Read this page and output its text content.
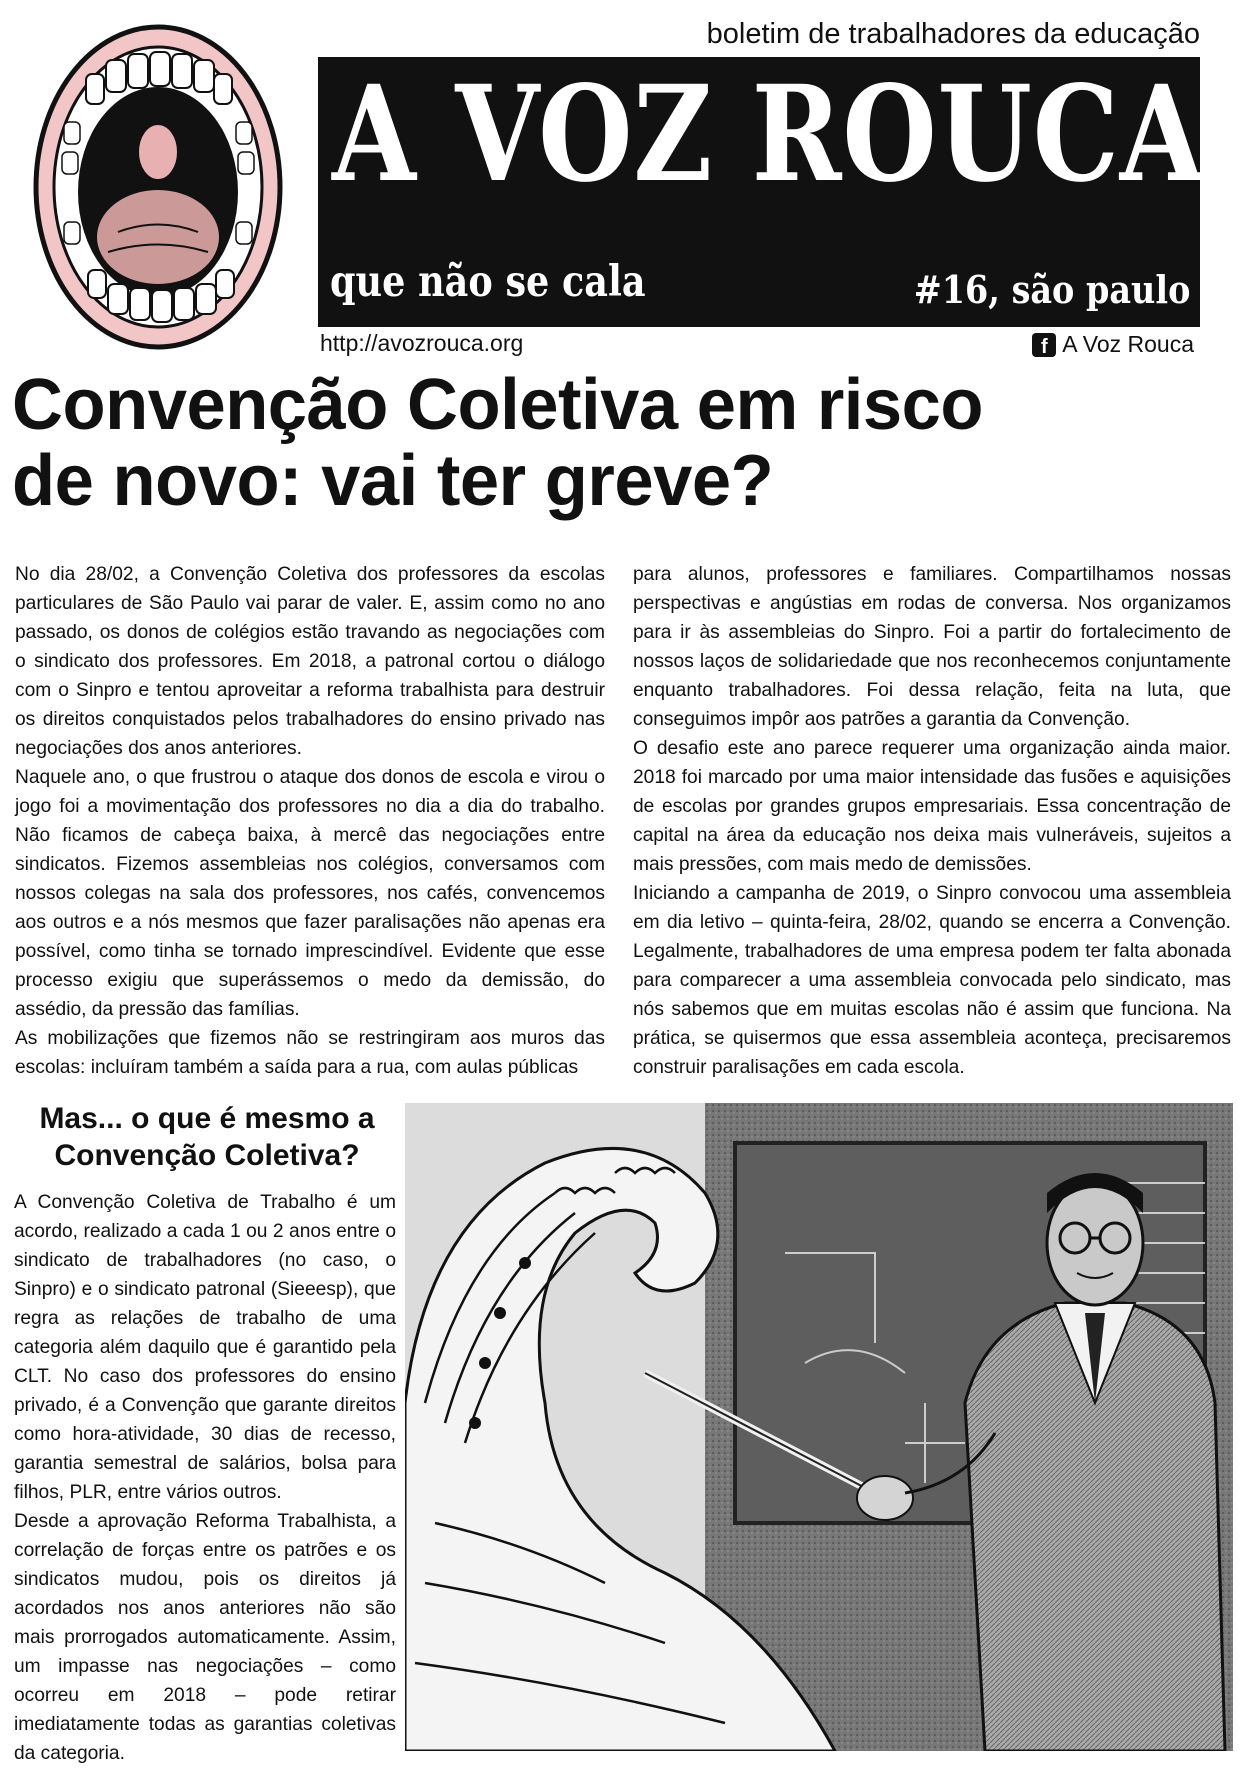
boletim de trabalhadores da educação
A VOZ ROUCA
que não se cala	#16, são paulo
http://avozrouca.org	f A Voz Rouca
Convenção Coletiva em risco
de novo: vai ter greve?

No dia 28/02, a Convenção Coletiva dos professores da escolas particulares de São Paulo vai parar de valer. E, assim como no ano passado, os donos de colégios estão travando as negociações com o sindicato dos professores. Em 2018, a patronal cortou o diálogo com o Sinpro e tentou aproveitar a reforma trabalhista para destruir os direitos conquistados pelos trabalhadores do ensino privado nas negociações dos anos anteriores.

Naquele ano, o que frustrou o ataque dos donos de escola e virou o jogo foi a movimentação dos professores no dia a dia do trabalho. Não ficamos de cabeça baixa, à mercê das negociações entre sindicatos. Fizemos assembleias nos colégios, conversamos com nossos colegas na sala dos professores, nos cafés, convencemos aos outros e a nós mesmos que fazer paralisações não apenas era possível, como tinha se tornado imprescindível. Evidente que esse processo exigiu que superássemos o medo da demissão, do assédio, da pressão das famílias.

As mobilizações que fizemos não se restringiram aos muros das escolas: incluíram também a saída para a rua, com aulas públicas

para alunos, professores e familiares. Compartilhamos nossas perspectivas e angústias em rodas de conversa. Nos organizamos para ir às assembleias do Sinpro. Foi a partir do fortalecimento de nossos laços de solidariedade que nos reconhecemos conjuntamente enquanto trabalhadores. Foi dessa relação, feita na luta, que conseguimos impôr aos patrões a garantia da Convenção.

O desafio este ano parece requerer uma organização ainda maior. 2018 foi marcado por uma maior intensidade das fusões e aquisições de escolas por grandes grupos empresariais. Essa concentração de capital na área da educação nos deixa mais vulneráveis, sujeitos a mais pressões, com mais medo de demissões.

Iniciando a campanha de 2019, o Sinpro convocou uma assembleia em dia letivo – quinta-feira, 28/02, quando se encerra a Convenção. Legalmente, trabalhadores de uma empresa podem ter falta abonada para comparecer a uma assembleia convocada pelo sindicato, mas nós sabemos que em muitas escolas não é assim que funciona. Na prática, se quisermos que essa assembleia aconteça, precisaremos construir paralisações em cada escola.

Mas... o que é mesmo a
Convenção Coletiva?

A Convenção Coletiva de Trabalho é um acordo, realizado a cada 1 ou 2 anos entre o sindicato de trabalhadores (no caso, o Sinpro) e o sindicato patronal (Sieeesp), que regra as relações de trabalho de uma categoria além daquilo que é garantido pela CLT. No caso dos professores do ensino privado, é a Convenção que garante direitos como hora-atividade, 30 dias de recesso, garantia semestral de salários, bolsa para filhos, PLR, entre vários outros.

Desde a aprovação Reforma Trabalhista, a correlação de forças entre os patrões e os sindicatos mudou, pois os direitos já acordados nos anos anteriores não são mais prorrogados automaticamente. Assim, um impasse nas negociações – como ocorreu em 2018 – pode retirar imediatamente todas as garantias coletivas da categoria.
